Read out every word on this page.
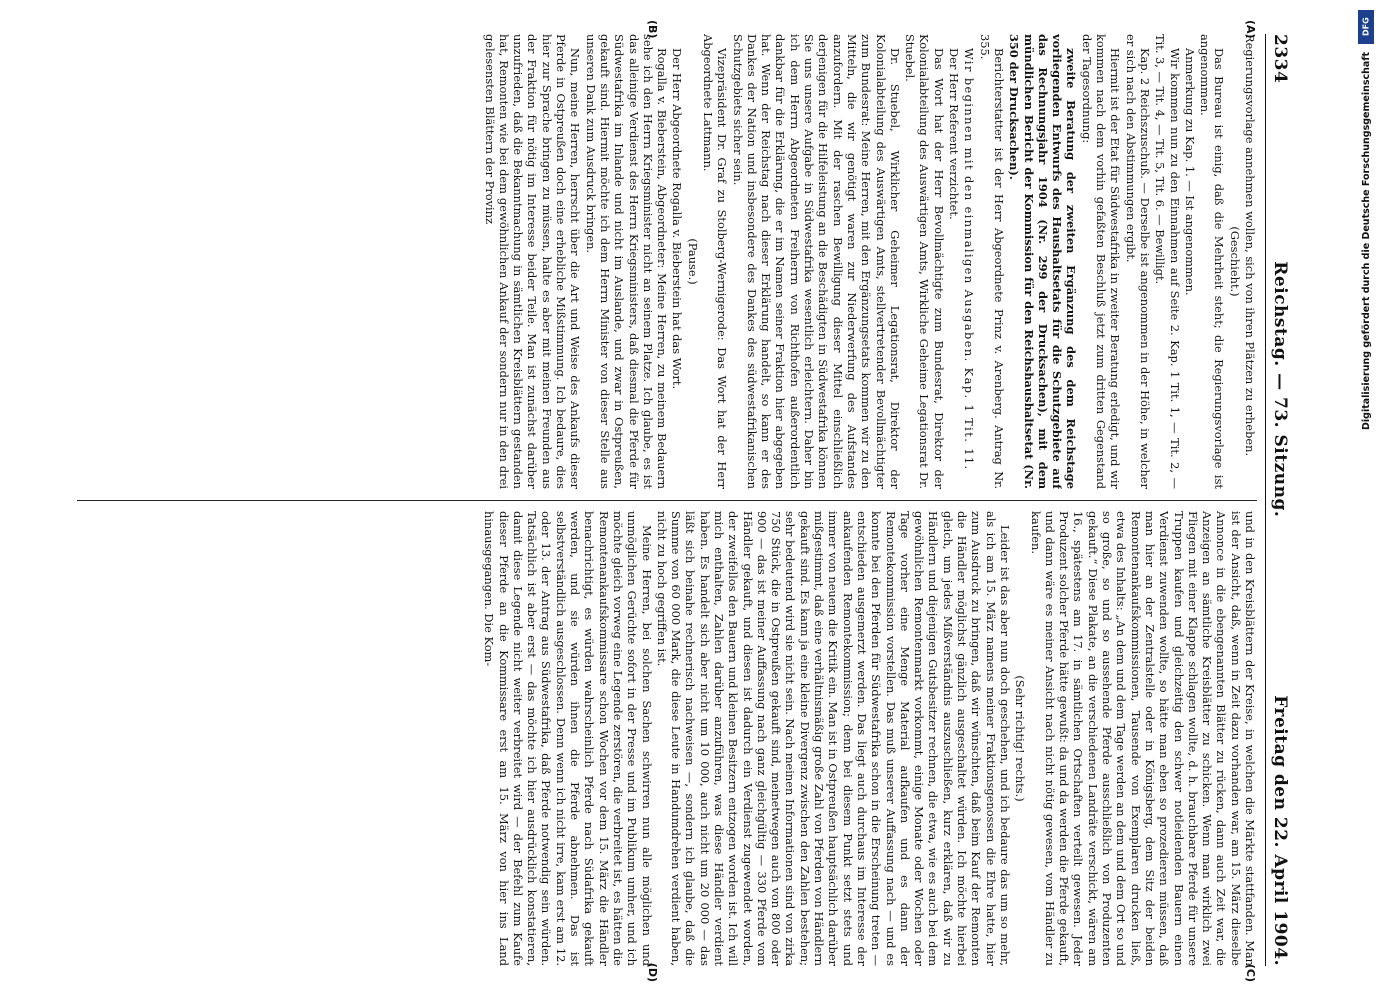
2334
Reichstag. — 73. Sitzung.
Freitag den 22. April 1904.

Regierungsvorlage annehmen wollen, sich von ihren Plätzen zu erheben.

(Geschieht.)

Das Bureau ist einig, daß die Mehrheit steht; die Regierungsvorlage ist angenommen.

Anmerkung zu Kap. 1. — Ist angenommen.

Wir kommen nun zu den Einnahmen auf Seite 2. Kap. 1 Tit. 1, — Tit. 2, — Tit. 3, — Tit. 4, — Tit. 5, Tit. 6. — Bewilligt.

Kap. 2 Reichszuschuß. — Derselbe ist angenommen in der Höhe, in welcher er sich nach den Abstimmungen ergibt.

Hiermit ist der Etat für Südwestafrika in zweiter Beratung erledigt, und wir kommen nach dem vorhin gefaßten Beschluß jetzt zum dritten Gegenstand der Tagesordnung:

zweite Beratung der zweiten Ergänzung des dem Reichstage vorliegenden Entwurfs des Haushaltsetats für die Schutzgebiete auf das Rechnungsjahr 1904 (Nr. 299 der Drucksachen), mit dem mündlichen Bericht der Kommission für den Reichshaushaltsetat (Nr. 350 der Drucksachen).

Berichterstatter ist der Herr Abgeordnete Prinz v. Arenberg. Antrag Nr. 355.

Wir beginnen mit den einmaligen Ausgaben. Kap. 1 Tit. 11.

Der Herr Referent verzichtet.

Das Wort hat der Herr Bevollmächtigte zum Bundesrat, Direktor der Kolonialabteilung des Auswärtigen Amts, Wirkliche Geheime Legationsrat Dr. Stuebel.

Dr. Stuebel, Wirklicher Geheimer Legationsrat, Direktor der Kolonialabteilung des Auswärtigen Amts, stellvertretender Bevollmächtigter zum Bundesrat: Meine Herren, mit den Ergänzungsetats kommen wir zu den Mitteln, die wir genötigt waren zur Niederwerfung des Aufstandes anzufordern. Mit der raschen Bewilligung dieser Mittel einschließlich derjenigen für die Hilfeleistung an die Beschädigten in Südwestafrika können Sie uns unsere Aufgabe in Südwestafrika wesentlich erleichtern. Daher bin ich dem Herrn Abgeordneten Freiherrn von Richthofen außerordentlich dankbar für die Erklärung, die er im Namen seiner Fraktion hier abgegeben hat. Wenn der Reichstag nach dieser Erklärung handelt, so kann er des Dankes der Nation und insbesondere des Dankes des südwestafrikanischen Schutzgebiets sicher sein.

Vizepräsident Dr. Graf zu Stolberg-Wernigerode: Das Wort hat der Herr Abgeordnete Lattmann.

(Pause.)

Der Herr Abgeordnete Rogalla v. Bieberstein hat das Wort.

Rogalla v. Bieberstein, Abgeordneter: Meine Herren, zu meinem Bedauern sehe ich den Herrn Kriegsminister nicht an seinem Platze. Ich glaube, es ist das alleinige Verdienst des Herrn Kriegsministers, daß diesmal die Pferde für Südwestafrika im Inlande und nicht im Auslande, und zwar in Ostpreußen, gekauft sind. Hiermit möchte ich dem Herrn Minister von dieser Stelle aus unseren Dank zum Ausdruck bringen.

Nun, meine Herren, herrscht über die Art und Weise des Ankaufs dieser Pferde in Ostpreußen doch eine erhebliche Mißstimmung. Ich bedaure, dies hier zur Sprache bringen zu müssen, halte es aber mit meinen Freunden aus der Fraktion für nötig im Interesse beider Teile. Man ist zunächst darüber unzufrieden, daß die Bekanntmachung in sämtlichen Kreisblättern gestanden hat, Remonten wie bei dem gewöhnlichen Ankauf der sondern nur in den drei gelesensten Blättern der Provinz

und in den Kreisblättern der Kreise, in welchen die Märkte stattfanden. Man ist der Ansicht, daß, wenn in Zeit dazu vorhanden war, am 15. März dieselbe Annonce in die ebengenannten Blätter zu rücken, dann auch Zeit war, die Anzeigen an sämtliche Kreisblätter zu schicken. Wenn man wirklich zwei Fliegen mit einer Klappe schlagen wollte, d. h. brauchbare Pferde für unsere Truppen kaufen und gleichzeitig den schwer notleidenden Bauern einen Verdienst zuwenden wollte, so hätte man eben so prozedieren müssen, daß man hier an der Zentralstelle oder in Königsberg, dem Sitz der beiden Remontenankaufskommissionen, Tausende von Exemplaren drucken ließ, etwa des Inhalts: „An dem und dem Tage werden an dem und dem Ort so und so große, so und so aussehende Pferde ausschließlich von Produzenten gekauft.“ Diese Plakate, an die verschiedenen Landräte verschickt, wären am 16., spätestens am 17. in sämtlichen Ortschaften verteilt gewesen. Jeder Produzent solcher Pferde hätte gewußt: da und da werden die Pferde gekauft, und dann wäre es meiner Ansicht nach nicht nötig gewesen, vom Händler zu kaufen.

(Sehr richtig! rechts.)

Leider ist das aber nun doch geschehen, und ich bedaure das um so mehr, als ich am 15. März namens meiner Fraktionsgenossen die Ehre hatte, hier zum Ausdruck zu bringen, daß wir wünschten, daß beim Kauf der Remonten die Händler möglichst gänzlich ausgeschaltet würden. Ich möchte hierbei gleich, um jedes Mißverständnis auszuschließen, kurz erklären, daß wir zu Händlern und diejenigen Gutsbesitzer rechnen, die etwa, wie es auch bei dem gewöhnlichen Remontenmarkt vorkommt, einige Monate oder Wochen oder Tage vorher eine Menge Material aufkaufen und es dann der Remontekommission vorstellen. Das muß unserer Auffassung nach — und es konnte bei den Pferden für Südwestafrika schon in die Erscheinung treten — entschieden ausgemerzt werden. Das liegt auch durchaus im Interesse der ankaufenden Remontekommission; denn bei diesem Punkt setzt stets und immer von neuem die Kritik ein. Man ist in Ostpreußen hauptsächlich darüber mißgestimmt, daß eine verhältnismäßig große Zahl von Pferden von Händlern gekauft sind. Es kann ja eine kleine Divergenz zwischen den Zahlen bestehen; sehr bedeutend wird sie nicht sein. Nach meinen Informationen sind von zirka 750 Stück, die in Ostpreußen gekauft sind, meinetwegen auch von 800 oder 900 — das ist meiner Auffassung nach ganz gleichgültig — 330 Pferde vom Händler gekauft, und diesen ist dadurch ein Verdienst zugewendet worden, der zweifellos den Bauern und kleinen Besitzern entzogen worden ist. Ich will mich enthalten, Zahlen darüber anzuführen, was diese Händler verdient haben. Es handelt sich aber nicht um 10 000, auch nicht um 20 000 — das läßt sich beinahe rechnerisch nachweisen —, sondern ich glaube, daß die Summe von 60 000 Mark, die diese Leute in Handumdrehen verdient haben, nicht zu hoch gegriffen ist.

Meine Herren, bei solchen Sachen schwirren nun alle möglichen und unmöglichen Gerüchte sofort in der Presse und im Publikum umher, und ich möchte gleich vorweg eine Legende zerstören, die verbreitet ist, es hätten die Remontenankaufskommissare schon Wochen vor dem 15. März die Händler benachrichtigt, es würden wahrscheinlich Pferde nach Südafrika gekauft werden, und sie würden ihnen die Pferde abnehmen. Das ist selbstverständlich ausgeschlossen. Denn wenn ich nicht irre, kam erst am 12. oder 13. der Antrag aus Südwestafrika, daß Pferde notwendig sein würden. Tatsächlich ist aber erst — das möchte ich hier ausdrücklich konstatieren, damit diese Legende nicht weiter verbreitet wird — der Befehl zum Kaufe dieser Pferde an die Kommissare erst am 15. März von hier ins Land hinausgegangen. Die Kom-

(A)
(B)
(C)
(D)
DFG
Digitalisierung gefördert durch die Deutsche Forschungsgemeinschaft
